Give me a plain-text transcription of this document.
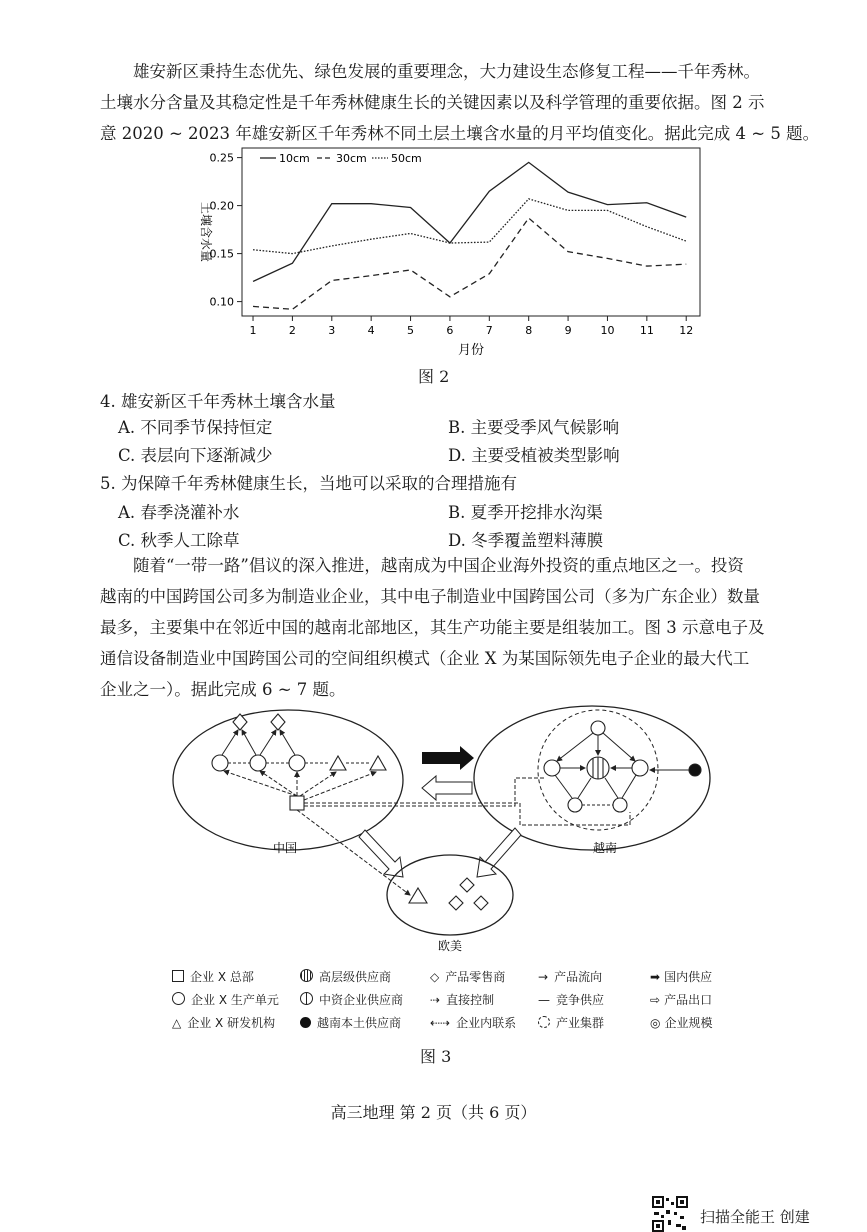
雄安新区秉持生态优先、绿色发展的重要理念，大力建设生态修复工程——千年秀林。
土壤水分含量及其稳定性是千年秀林健康生长的关键因素以及科学管理的重要依据。图 2 示
意 2020 ~ 2023 年雄安新区千年秀林不同土层土壤含水量的月平均值变化。据此完成 4 ~ 5 题。
0.10
0.15
0.20
0.25
1	2	3	4	5	6	7	8	9	10 11 12
土壤含水量
月份
10cm 30cm 50cm
图 2
4. 雄安新区千年秀林土壤含水量
A. 不同季节保持恒定	B. 主要受季风气候影响
C. 表层向下逐渐减少	D. 主要受植被类型影响
5. 为保障千年秀林健康生长，当地可以采取的合理措施有
A. 春季浇灌补水	B. 夏季开挖排水沟渠
C. 秋季人工除草	D. 冬季覆盖塑料薄膜
随着“一带一路”倡议的深入推进，越南成为中国企业海外投资的重点地区之一。投资
越南的中国跨国公司多为制造业企业，其中电子制造业中国跨国公司（多为广东企业）数量
最多，主要集中在邻近中国的越南北部地区，其生产功能主要是组装加工。图 3 示意电子及
通信设备制造业中国跨国公司的空间组织模式（企业 X 为某国际领先电子企业的最大代工
企业之一）。据此完成 6 ~ 7 题。
中国	越南
欧美
企业 X 总部	高层级供应商	◇ 产品零售商	→ 产品流向	➡ 国内供应
企业 X 生产单元	中资企业供应商	⇢ 直接控制	— 竞争供应	⇨ 产品出口
△ 企业 X 研发机构	越南本土供应商	⇠⇢ 企业内联系	产业集群	◎ 企业规模
图 3
高三地理 第 2 页（共 6 页）
扫描全能王 创建
